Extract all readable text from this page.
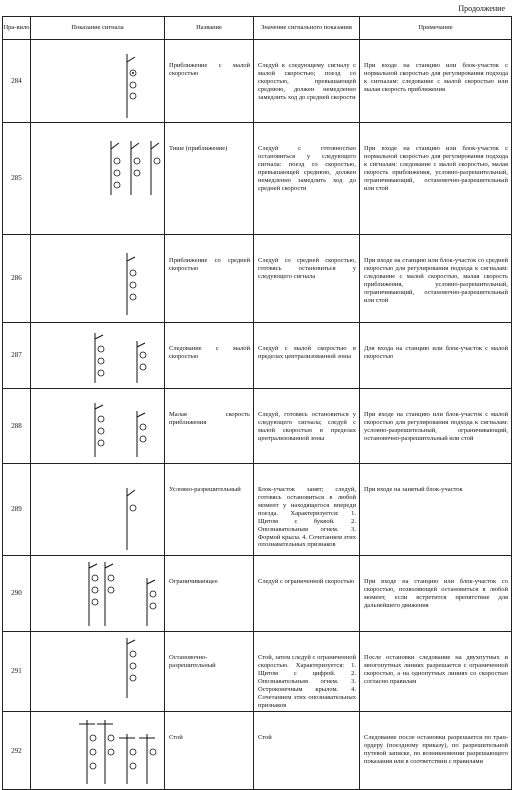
Продолжение
Пра-вило	Показание сигнала	Название	Значение сигнального показания	Примечание

284		Приближение с малой скоростью	Следуй к следующему сигналу с малой скоростью; поезд со скоростью, превышающей среднюю, должен немедленно замедлить ход до средней скорости	При входе на станцию или блок-участок с нормальной скоростью для регулирования подхода к сигналам: следование с малой скоростью или малая скорость приближения

285		Тише (приближение)	Следуй с готовностью остановиться у следующего сигнала: поезд со скоростью, превышающей среднюю, должен немедленно замедлить ход до средней скорости	При входе на станцию или блок-участок с нормальной скоростью для регулирования подхода к сигналам: следование с малой скоростью, малая скорость приближения, условно-разрешительный, ограничивающий, остановочно-разрешительный или стой

286		Приближение со средней скоростью	Следуй со средней скоростью, готовясь остановиться у следующего сигнала	При входе на станцию или блок-участок со средней скоростью для регулирования подхода к сигналам: следование с малой скоростью, малая скорость приближения, условно-разрешительный, ограничивающий, остановочно-разрешительный или стой

287		Следование с малой скоростью	Следуй с малой скоростью в пределах централизованной зоны	Для входа на станцию или блок-участок с малой скоростью

288		Малая скорость приближения	Следуй, готовясь остановиться у следующего сигнала; следуй с малой скоростью в пределах централизованной зоны	При входе на станцию или блок-участок с малой скоростью для регулирования подхода к сигналам: условно-разрешительный, ограничивающий, остановочно-разрешительный или стой

289		Условно-разрешительный	Блок-участок занят; следуй, готовясь остановиться в любой момент у находящегося впереди поезда. Характеризуется: 1. Щитом с буквой. 2. Опознавательным огнем. 3. Формой крыла. 4. Сочетанием этих опознавательных признаков	При входе на занятый блок-участок

290		Ограничивающее	Следуй с ограниченной скоростью	При входе на станцию или блок-участок со скоростью, позволяющей остановиться в любой момент, если встретится препятствие для дальнейшего движения

291		Остановочно-разрешительный	Стой, затем следуй с ограниченной скоростью. Характеризуется: 1. Щитом с цифрой. 2. Опознавательным огнем. 3. Остроконечным крылом. 4. Сочетанием этих опознавательных признаков	После остановки следование на двухпутных и многопутных линиях разрешается с ограниченной скоростью, а на однопутных линиях со скоростью согласно правилам

292		Стой	Стой	Следование после остановки разрешается по тран-ордеру (поездному приказу), по разрешительной путевой записке, по возникновении разрешающего показания или в соответствии с правилами
